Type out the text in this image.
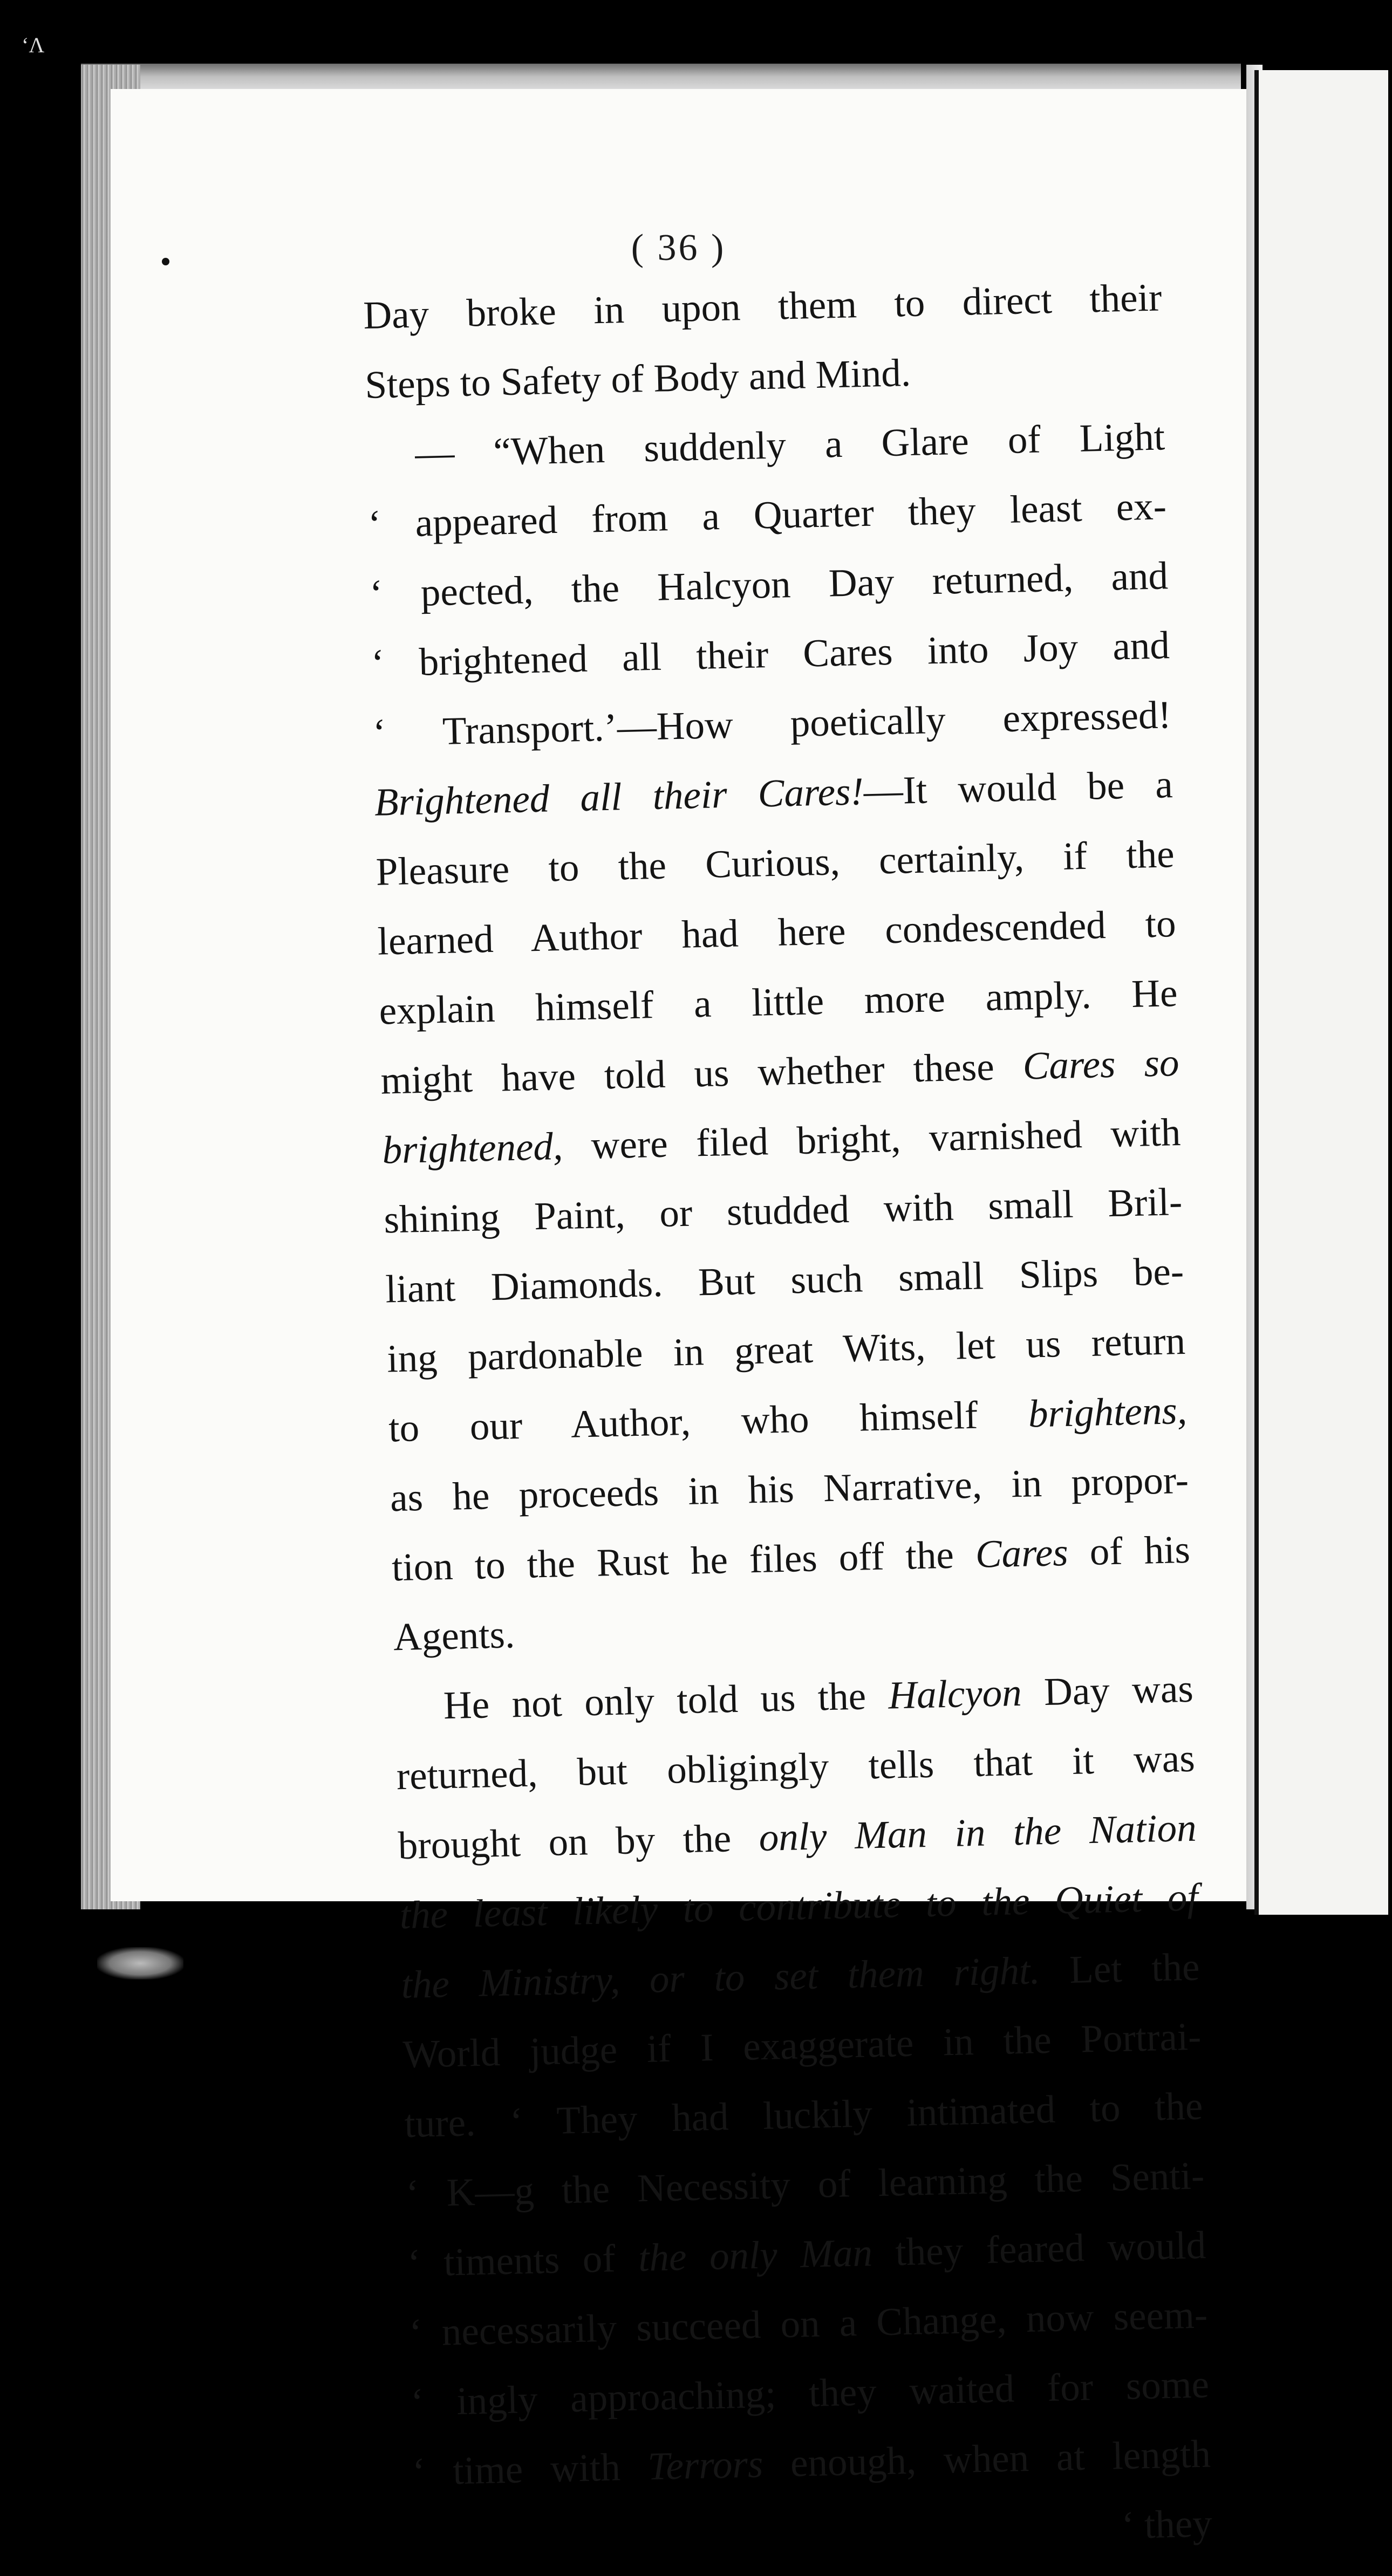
ʻɅ
( 36 )
Day broke in upon them to direct their
Steps to Safety of Body and Mind.
— “When suddenly a Glare of Light
‘ appeared from a Quarter they least ex-
‘ pected, the Halcyon Day returned, and
‘ brightened all their Cares into Joy and
‘ Transport.’—How poetically expressed!
Brightened all their Cares!—It would be a
Pleasure to the Curious, certainly, if the
learned Author had here condescended to
explain himself a little more amply. He
might have told us whether these Cares so
brightened, were filed bright, varnished with
shining Paint, or studded with small Bril-
liant Diamonds. But such small Slips be-
ing pardonable in great Wits, let us return
to our Author, who himself brightens,
as he proceeds in his Narrative, in propor-
tion to the Rust he files off the Cares of his
Agents.
He not only told us the Halcyon Day was
returned, but obligingly tells that it was
brought on by the only Man in the Nation
the least likely to contribute to the Quiet of
the Ministry, or to set them right. Let the
World judge if I exaggerate in the Portrai-
ture. ‘ They had luckily intimated to the
‘ K—g the Necessity of learning the Senti-
‘ timents of the only Man they feared would
‘ necessarily succeed on a Change, now seem-
‘ ingly approaching; they waited for some
‘ time with Terrors enough, when at length
‘ they
